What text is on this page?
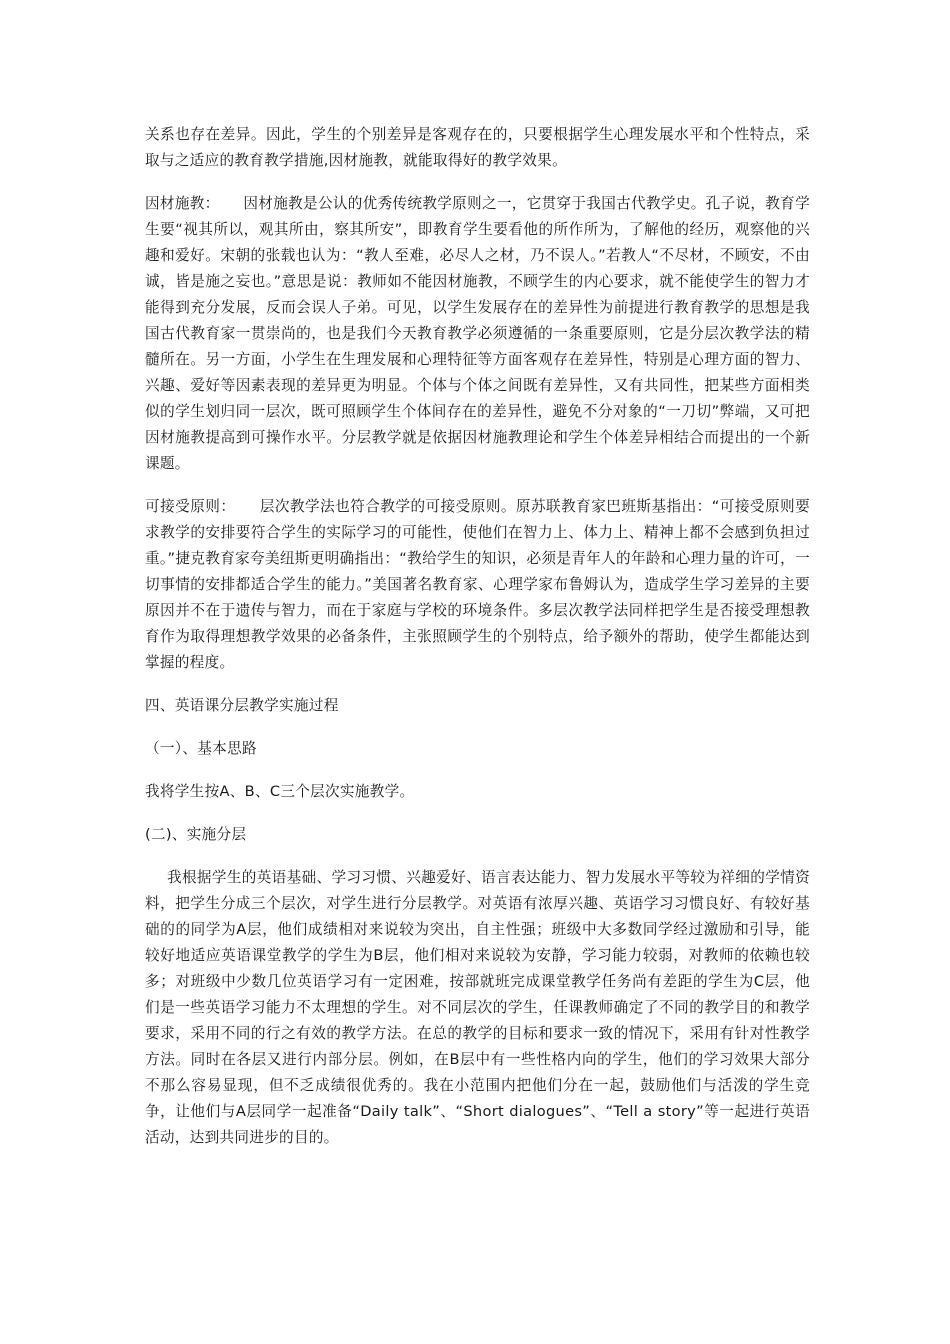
关系也存在差异。因此，学生的个别差异是客观存在的，只要根据学生心理发展水平和个性特点，采取与之适应的教育教学措施,因材施教，就能取得好的教学效果。

因材施教： 因材施教是公认的优秀传统教学原则之一，它贯穿于我国古代教学史。孔子说，教育学生要“视其所以，观其所由，察其所安”，即教育学生要看他的所作所为，了解他的经历，观察他的兴趣和爱好。宋朝的张载也认为：“教人至难，必尽人之材，乃不误人。”若教人“不尽材，不顾安，不由诚，皆是施之妄也。”意思是说：教师如不能因材施教，不顾学生的内心要求，就不能使学生的智力才能得到充分发展，反而会误人子弟。可见，以学生发展存在的差异性为前提进行教育教学的思想是我国古代教育家一贯崇尚的，也是我们今天教育教学必须遵循的一条重要原则，它是分层次教学法的精髓所在。另一方面，小学生在生理发展和心理特征等方面客观存在差异性，特别是心理方面的智力、兴趣、爱好等因素表现的差异更为明显。个体与个体之间既有差异性，又有共同性，把某些方面相类似的学生划归同一层次，既可照顾学生个体间存在的差异性，避免不分对象的“一刀切”弊端，又可把因材施教提高到可操作水平。分层教学就是依据因材施教理论和学生个体差异相结合而提出的一个新课题。

可接受原则： 层次教学法也符合教学的可接受原则。原苏联教育家巴班斯基指出：“可接受原则要求教学的安排要符合学生的实际学习的可能性，使他们在智力上、体力上、精神上都不会感到负担过重。”捷克教育家夸美纽斯更明确指出：“教给学生的知识，必须是青年人的年龄和心理力量的许可，一切事情的安排都适合学生的能力。”美国著名教育家、心理学家布鲁姆认为，造成学生学习差异的主要原因并不在于遗传与智力，而在于家庭与学校的环境条件。多层次教学法同样把学生是否接受理想教育作为取得理想教学效果的必备条件，主张照顾学生的个别特点，给予额外的帮助，使学生都能达到掌握的程度。

四、英语课分层教学实施过程

（一）、基本思路

我将学生按A、B、C三个层次实施教学。

(二)、实施分层

我根据学生的英语基础、学习习惯、兴趣爱好、语言表达能力、智力发展水平等较为祥细的学情资料，把学生分成三个层次，对学生进行分层教学。对英语有浓厚兴趣、英语学习习惯良好、有较好基础的的同学为A层，他们成绩相对来说较为突出，自主性强；班级中大多数同学经过激励和引导，能较好地适应英语课堂教学的学生为B层，他们相对来说较为安静，学习能力较弱，对教师的依赖也较多；对班级中少数几位英语学习有一定困难，按部就班完成课堂教学任务尚有差距的学生为C层，他们是一些英语学习能力不太理想的学生。对不同层次的学生，任课教师确定了不同的教学目的和教学要求，采用不同的行之有效的教学方法。在总的教学的目标和要求一致的情况下，采用有针对性教学方法。同时在各层又进行内部分层。例如，在B层中有一些性格内向的学生，他们的学习效果大部分不那么容易显现，但不乏成绩很优秀的。我在小范围内把他们分在一起，鼓励他们与活泼的学生竞争，让他们与A层同学一起准备“Daily talk”、“Short dialogues”、“Tell a story”等一起进行英语活动，达到共同进步的目的。
